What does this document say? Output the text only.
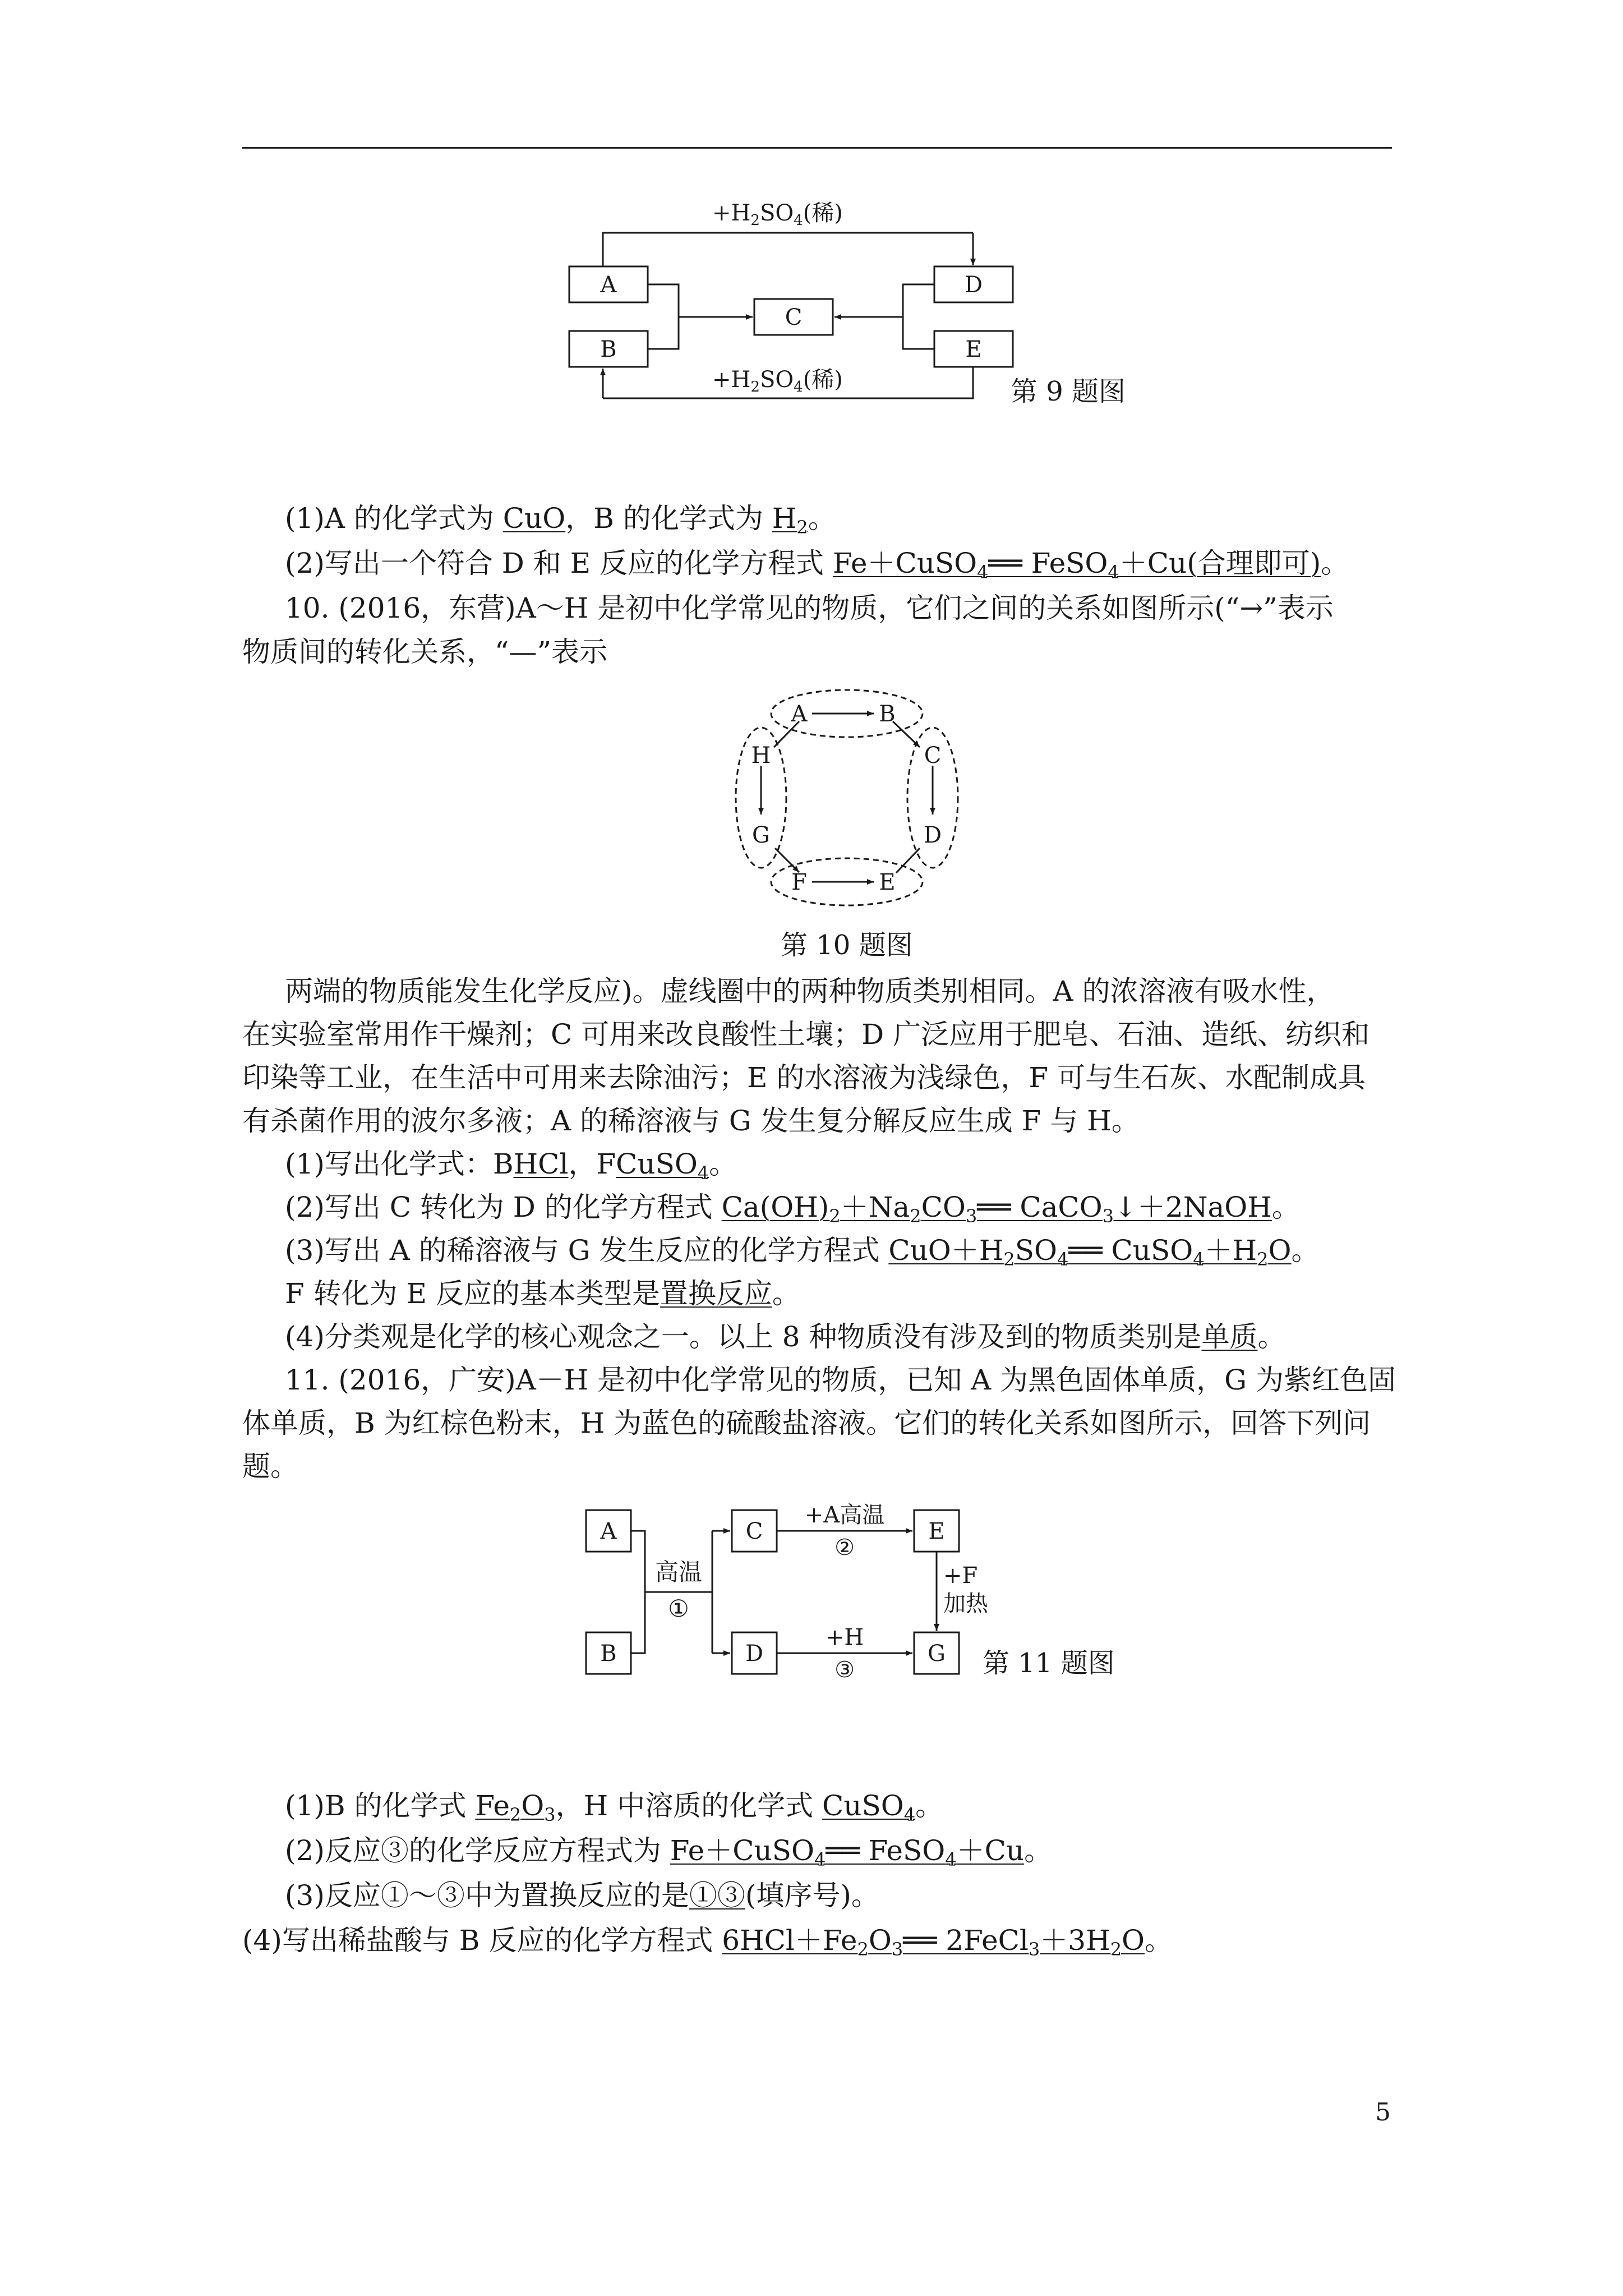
A
B
C
D
E
$+H_2SO_4$(稀)
$+H_2SO_4$(稀)	第 9 题图
(1)A 的化学式为 CuO，B 的化学式为 $H_2$。
(2)写出一个符合 D 和 E 反应的化学方程式 Fe＋CuSO$_4$══ FeSO$_4$＋Cu(合理即可)。
10. (2016，东营)A～H 是初中化学常见的物质，它们之间的关系如图所示(“→”表示
物质间的转化关系，“—”表示
A	B
H
G
C
D
F	E
第 10 题图
两端的物质能发生化学反应)。虚线圈中的两种物质类别相同。A 的浓溶液有吸水性，
在实验室常用作干燥剂；C 可用来改良酸性土壤；D 广泛应用于肥皂、石油、造纸、纺织和
印染等工业，在生活中可用来去除油污；E 的水溶液为浅绿色，F 可与生石灰、水配制成具
有杀菌作用的波尔多液；A 的稀溶液与 G 发生复分解反应生成 F 与 H。
(1)写出化学式：BHCl，FCuSO$_4$。
(2)写出 C 转化为 D 的化学方程式 $Ca(OH)_2+Na_2CO_3══$ CaCO$_3$↓＋2NaOH。
(3)写出 A 的稀溶液与 G 发生反应的化学方程式 $CuO+H_2SO_4══$ $CuSO_4+H_2O$。
F 转化为 E 反应的基本类型是置换反应。
(4)分类观是化学的核心观念之一。以上 8 种物质没有涉及到的物质类别是单质。
11. (2016，广安)A－H 是初中化学常见的物质，已知 A 为黑色固体单质，G 为紫红色固
体单质，B 为红棕色粉末，H 为蓝色的硫酸盐溶液。它们的转化关系如图所示，回答下列问
题。
A
B
C
D
E
G
高温
①
+A高温
②
+H
③
+F
加热
第 11 题图
(1)B 的化学式 $Fe_2O_3$，H 中溶质的化学式 CuSO$_4$。
(2)反应③的化学反应方程式为 Fe＋CuSO$_4$══ FeSO$_4$＋Cu。
(3)反应①～③中为置换反应的是①③(填序号)。
(4)写出稀盐酸与 B 反应的化学方程式 $6HCl+Fe_2O_3══$ $2FeCl_3+3H_2O$。
5
